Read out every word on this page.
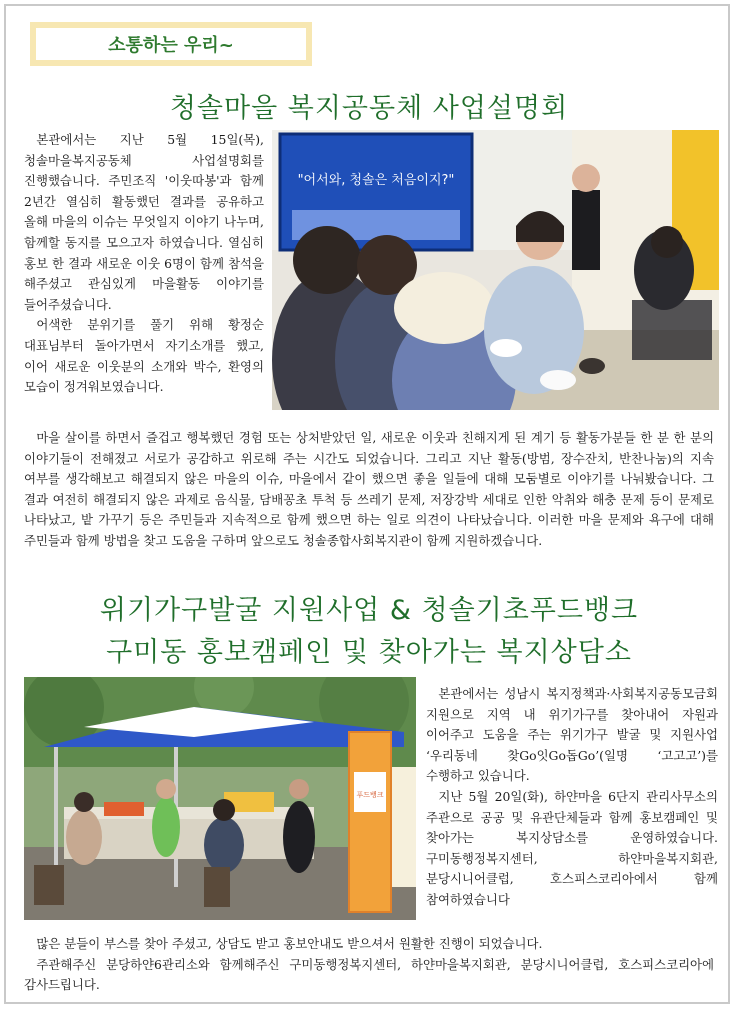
소통하는 우리~
청솔마을 복지공동체 사업설명회

본관에서는 지난 5월 15일(목), 청솔마을복지공동체 사업설명회를 진행했습니다. 주민조직 '이웃따봉'과 함께 2년간 열심히 활동했던 결과를 공유하고 올해 마을의 이슈는 무엇일지 이야기 나누며, 함께할 동지를 모으고자 하였습니다. 열심히 홍보 한 결과 새로운 이웃 6명이 함께 참석을 해주셨고 관심있게 마을활동 이야기를 들어주셨습니다.

어색한 분위기를 풀기 위해 황정순 대표님부터 돌아가면서 자기소개를 했고, 이어 새로운 이웃분의 소개와 박수, 환영의 모습이 정겨워보였습니다.

"어서와, 청솔은 처음이지?"

마을 살이를 하면서 즐겁고 행복했던 경험 또는 상처받았던 일, 새로운 이웃과 친해지게 된 계기 등 활동가분들 한 분 한 분의 이야기들이 전해졌고 서로가 공감하고 위로해 주는 시간도 되었습니다. 그리고 지난 활동(방범, 장수잔치, 반찬나눔)의 지속 여부를 생각해보고 해결되지 않은 마을의 이슈, 마을에서 같이 했으면 좋을 일들에 대해 모둠별로 이야기를 나눠봤습니다. 그 결과 여전히 해결되지 않은 과제로 음식물, 담배꽁초 투척 등 쓰레기 문제, 저장강박 세대로 인한 악취와 해충 문제 등이 문제로 나타났고, 밭 가꾸기 등은 주민들과 지속적으로 함께 했으면 하는 일로 의견이 나타났습니다. 이러한 마을 문제와 욕구에 대해 주민들과 함께 방법을 찾고 도움을 구하며 앞으로도 청솔종합사회복지관이 함께 지원하겠습니다.

위기가구발굴 지원사업 & 청솔기초푸드뱅크
구미동 홍보캠페인 및 찾아가는 복지상담소
푸드뱅크

본관에서는 성남시 복지정책과·사회복지공동모금회 지원으로 지역 내 위기가구를 찾아내어 자원과 이어주고 도움을 주는 위기가구 발굴 및 지원사업 ‘우리동네 찾Go잇Go돕Go’(일명 ‘고고고’)를 수행하고 있습니다.

지난 5월 20일(화), 하얀마을 6단지 관리사무소의 주관으로 공공 및 유관단체들과 함께 홍보캠페인 및 찾아가는 복지상담소를 운영하였습니다. 구미동행정복지센터, 하얀마을복지회관, 분당시니어클럽, 호스피스코리아에서 함께 참여하였습니다

많은 분들이 부스를 찾아 주셨고, 상담도 받고 홍보안내도 받으셔서 원활한 진행이 되었습니다.

주관해주신 분당하얀6관리소와 함께해주신 구미동행정복지센터, 하얀마을복지회관, 분당시니어클럽, 호스피스코리아에 감사드립니다.
